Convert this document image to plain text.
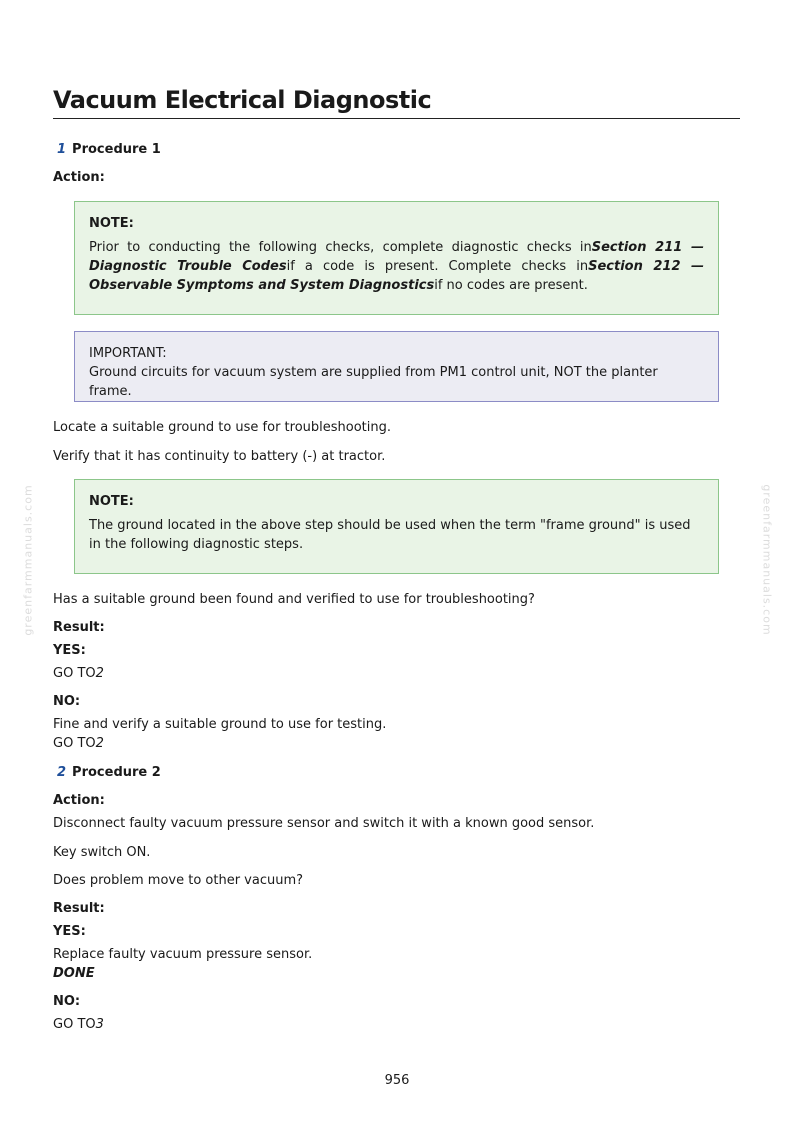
greenfarmmanuals.com	greenfarmmanuals.com
Vacuum Electrical Diagnostic
1 Procedure 1
Action:
NOTE:
Prior to conducting the following checks, complete diagnostic checks inSection 211 — Diagnostic Trouble Codesif a code is present. Complete checks inSection 212 — Observable Symptoms and System Diagnosticsif no codes are present.
IMPORTANT:
Ground circuits for vacuum system are supplied from PM1 control unit, NOT the planter frame.
Locate a suitable ground to use for troubleshooting.
Verify that it has continuity to battery (-) at tractor.
NOTE:
The ground located in the above step should be used when the term "frame ground" is used in the following diagnostic steps.
Has a suitable ground been found and verified to use for troubleshooting?
Result:
YES:
GO TO2
NO:
Fine and verify a suitable ground to use for testing.
GO TO2
2 Procedure 2
Action:
Disconnect faulty vacuum pressure sensor and switch it with a known good sensor.
Key switch ON.
Does problem move to other vacuum?
Result:
YES:
Replace faulty vacuum pressure sensor.
DONE
NO:
GO TO3
956
